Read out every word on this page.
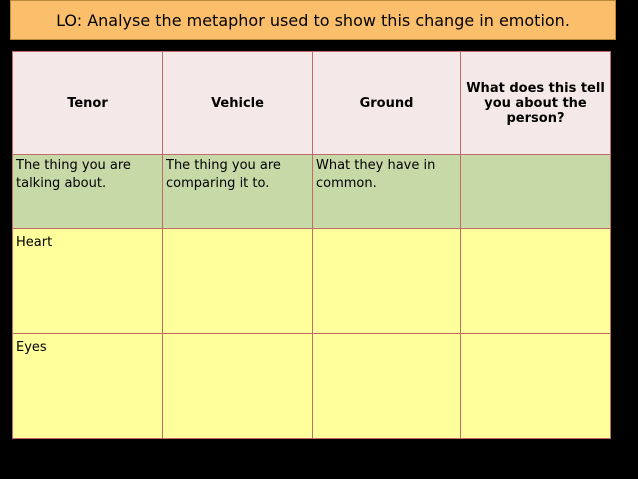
LO: Analyse the metaphor used to show this change in emotion.
Tenor	Vehicle	Ground	What does this tell you about the person?
The thing you are talking about.	The thing you are comparing it to.	What they have in common.	
Heart			
Eyes			
